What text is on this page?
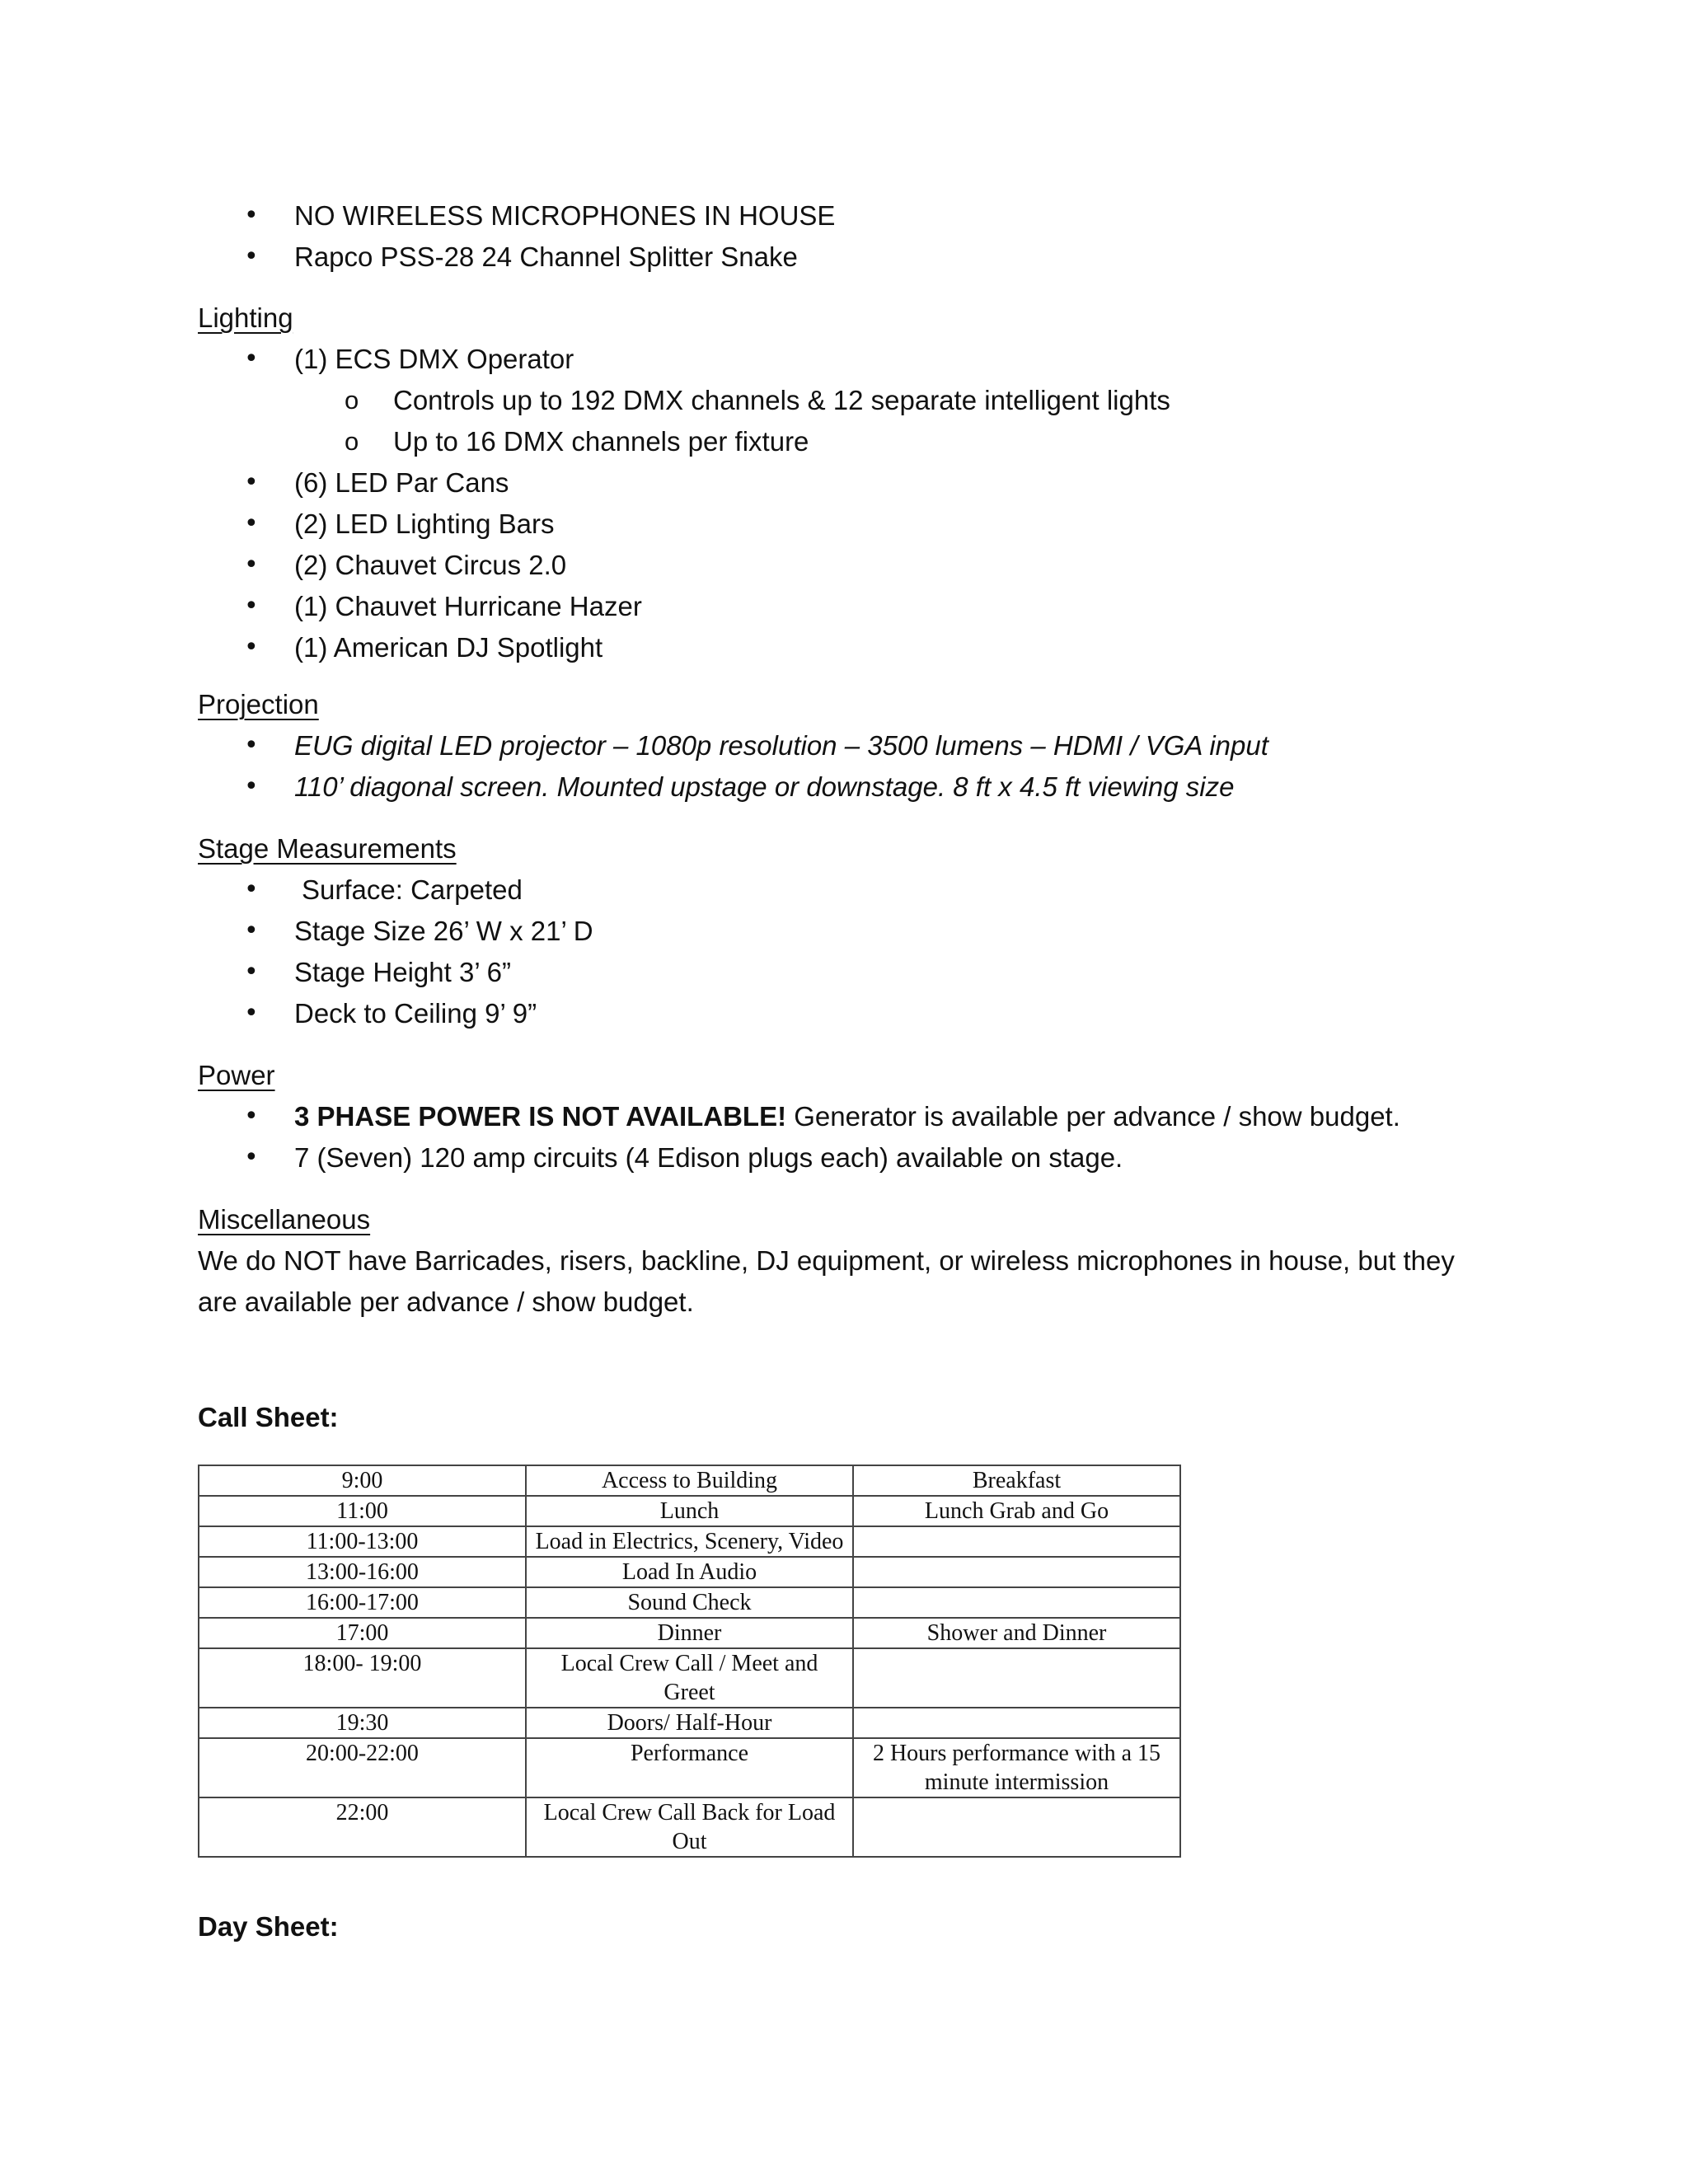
• NO WIRELESS MICROPHONES IN HOUSE
• Rapco PSS-28 24 Channel Splitter Snake
Lighting
• (1) ECS DMX Operator
o Controls up to 192 DMX channels & 12 separate intelligent lights
o Up to 16 DMX channels per fixture
• (6) LED Par Cans
• (2) LED Lighting Bars
• (2) Chauvet Circus 2.0
• (1) Chauvet Hurricane Hazer
• (1) American DJ Spotlight
Projection
• EUG digital LED projector – 1080p resolution – 3500 lumens – HDMI / VGA input
• 110’ diagonal screen. Mounted upstage or downstage. 8 ft x 4.5 ft viewing size
Stage Measurements
• Surface: Carpeted
• Stage Size 26’ W x 21’ D
• Stage Height 3’ 6”
• Deck to Ceiling 9’ 9”
Power
• 3 PHASE POWER IS NOT AVAILABLE! Generator is available per advance / show budget.
• 7 (Seven) 120 amp circuits (4 Edison plugs each) available on stage.
Miscellaneous
We do NOT have Barricades, risers, backline, DJ equipment, or wireless microphones in house, but they are available per advance / show budget.
Call Sheet:
9:00	Access to Building	Breakfast
11:00	Lunch	Lunch Grab and Go
11:00-13:00	Load in Electrics, Scenery, Video	
13:00-16:00	Load In Audio	
16:00-17:00	Sound Check	
17:00	Dinner	Shower and Dinner
18:00- 19:00	Local Crew Call / Meet and Greet	
19:30	Doors/ Half-Hour	
20:00-22:00	Performance	2 Hours performance with a 15 minute intermission
22:00	Local Crew Call Back for Load Out	
Day Sheet:
